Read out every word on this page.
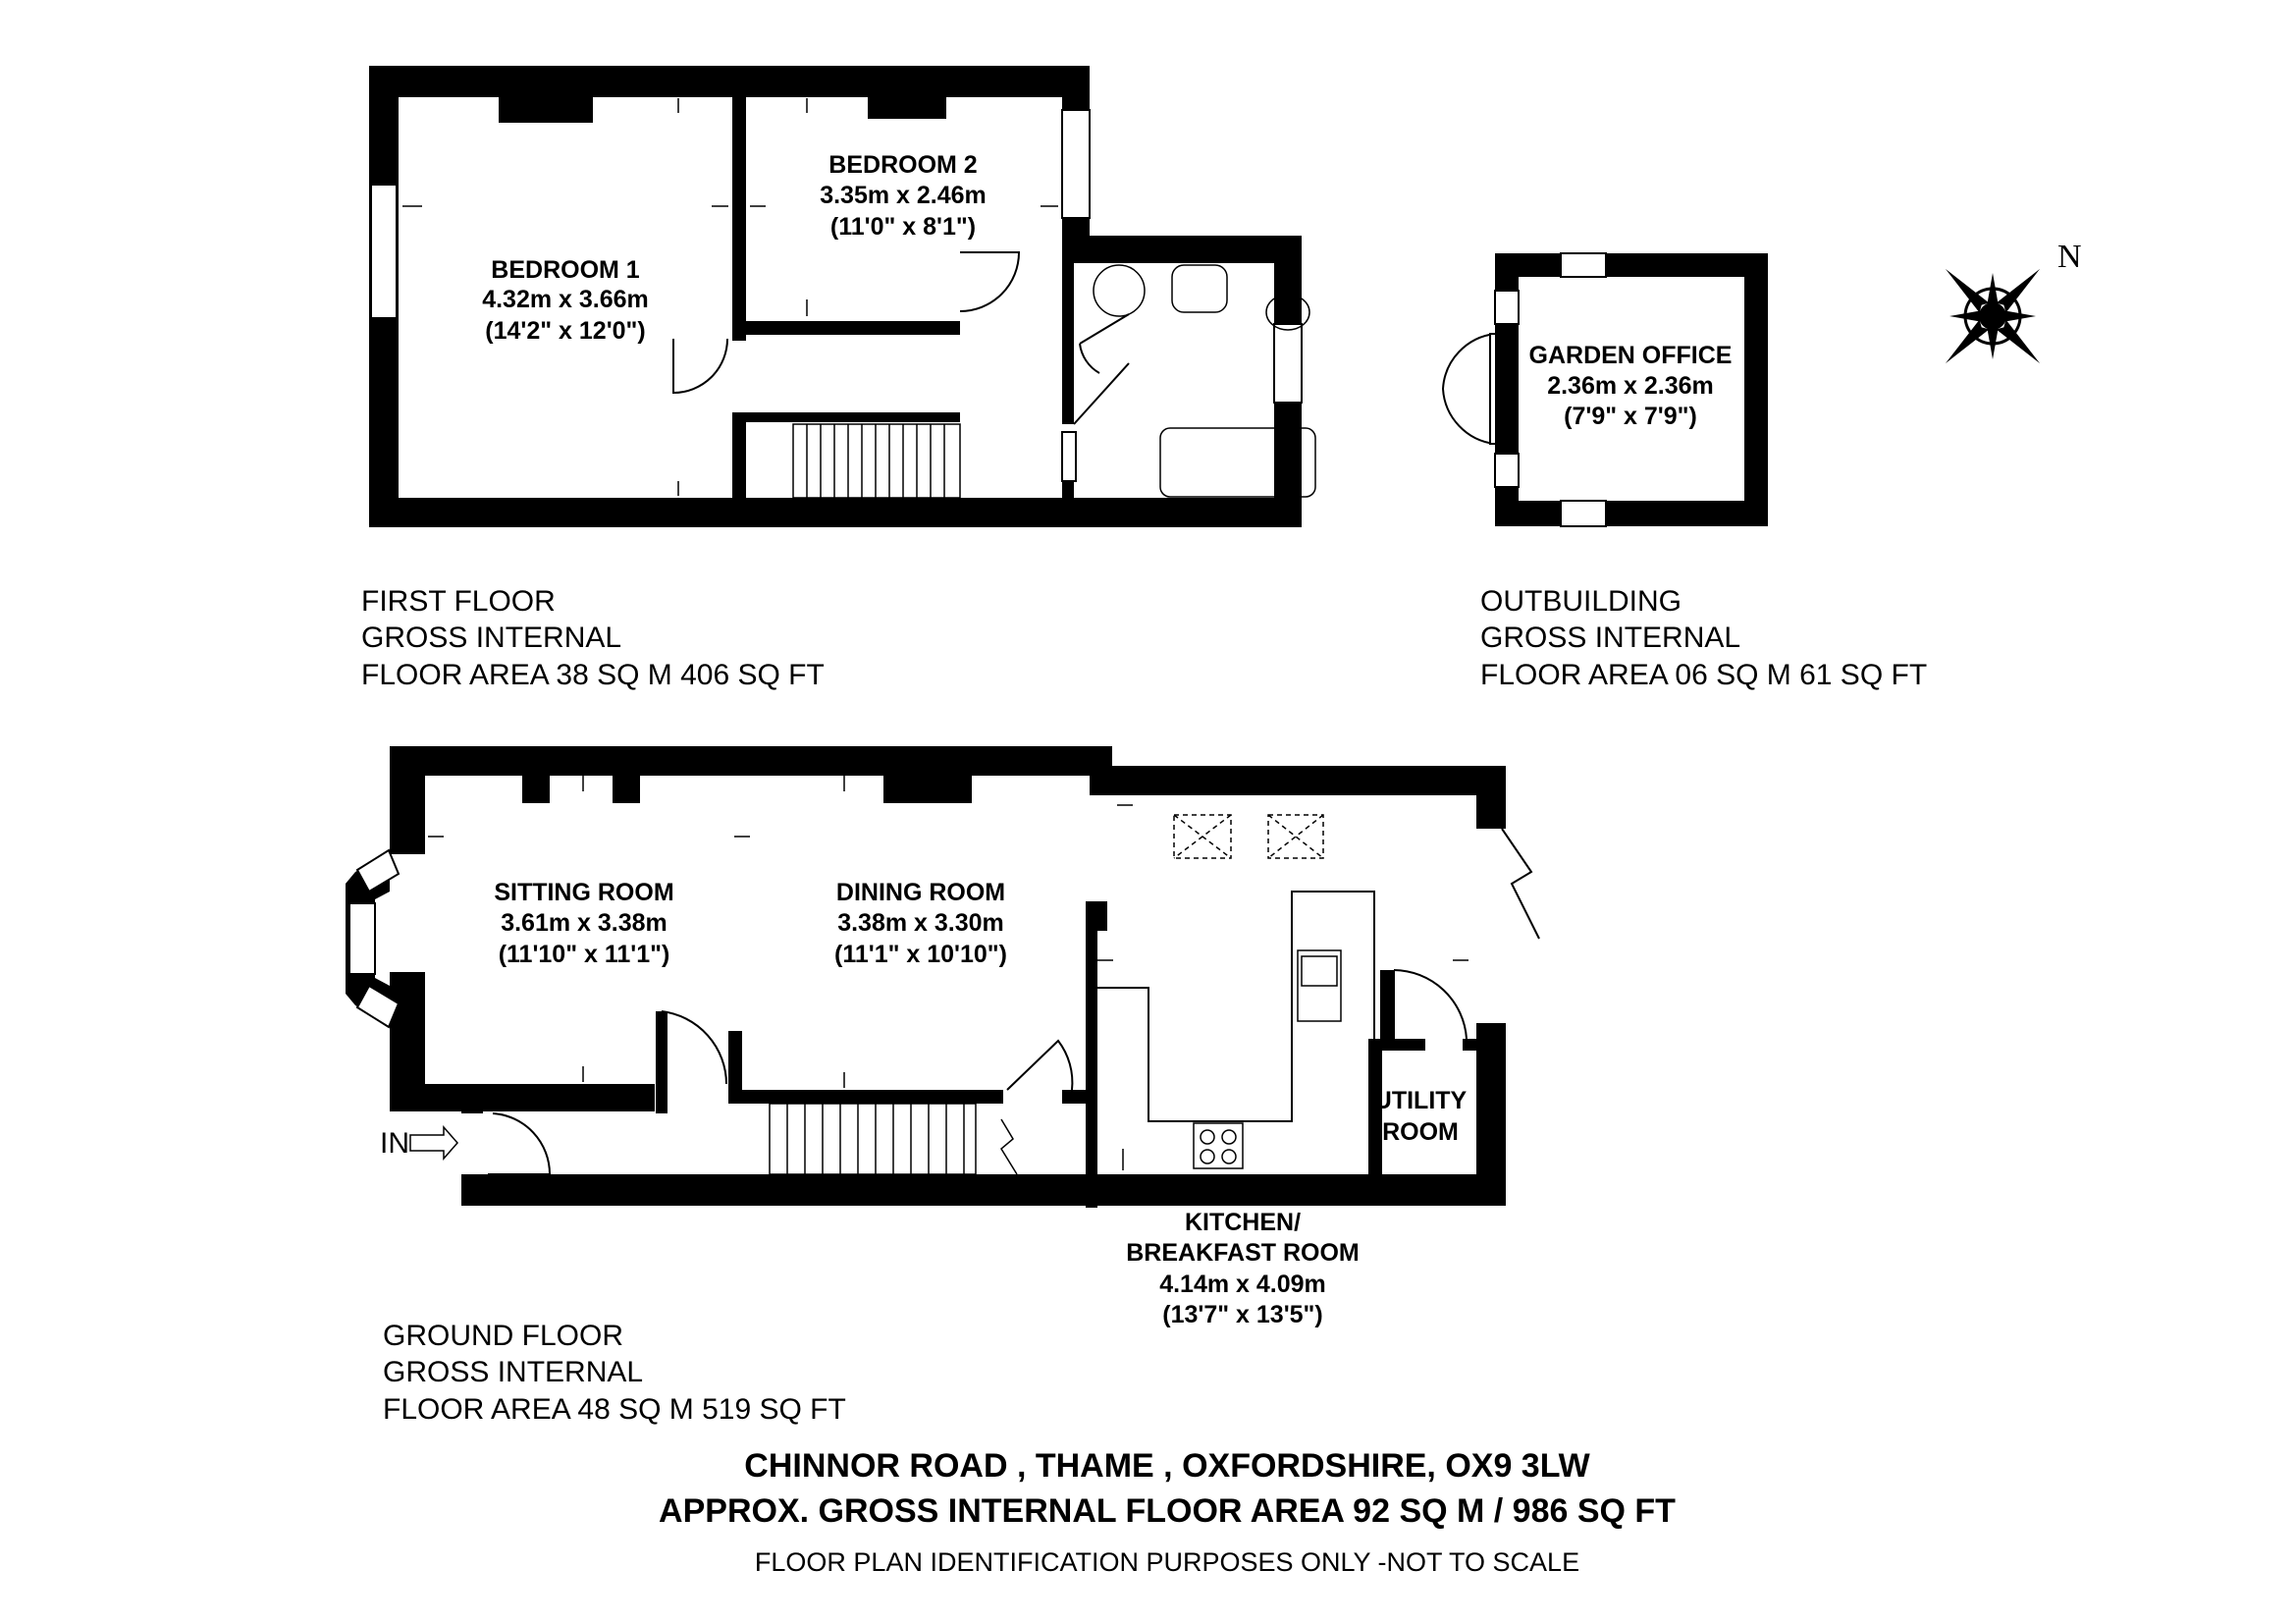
N
BEDROOM 1
4.32m x 3.66m
(14'2" x 12'0")
BEDROOM 2
3.35m x 2.46m
(11'0" x 8'1")
GARDEN OFFICE
2.36m x 2.36m
(7'9" x 7'9")
SITTING ROOM
3.61m x 3.38m
(11'10" x 11'1")
DINING ROOM
3.38m x 3.30m
(11'1" x 10'10")
UTILITY
ROOM
KITCHEN/
BREAKFAST ROOM
4.14m x 4.09m
(13'7" x 13'5")
IN
FIRST FLOOR
GROSS INTERNAL
FLOOR AREA 38 SQ M 406 SQ FT
OUTBUILDING
GROSS INTERNAL
FLOOR AREA 06 SQ M 61 SQ FT
GROUND FLOOR
GROSS INTERNAL
FLOOR AREA 48 SQ M 519 SQ FT
CHINNOR ROAD , THAME , OXFORDSHIRE, OX9 3LW
APPROX. GROSS INTERNAL FLOOR AREA 92 SQ M / 986 SQ FT
FLOOR PLAN IDENTIFICATION PURPOSES ONLY -NOT TO SCALE
